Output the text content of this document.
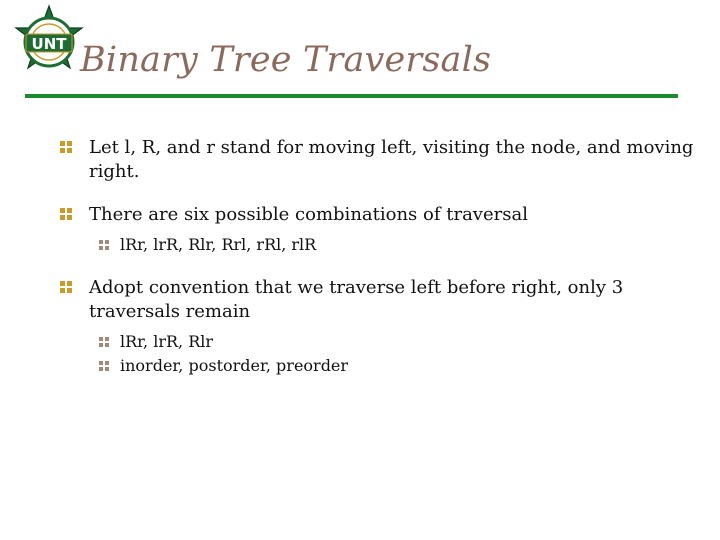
UNT Binary Tree Traversals
Let l, R, and r stand for moving left, visiting the node, and moving right.
There are six possible combinations of traversal
lRr, lrR, Rlr, Rrl, rRl, rlR
Adopt convention that we traverse left before right, only 3 traversals remain
lRr, lrR, Rlr
inorder, postorder, preorder
